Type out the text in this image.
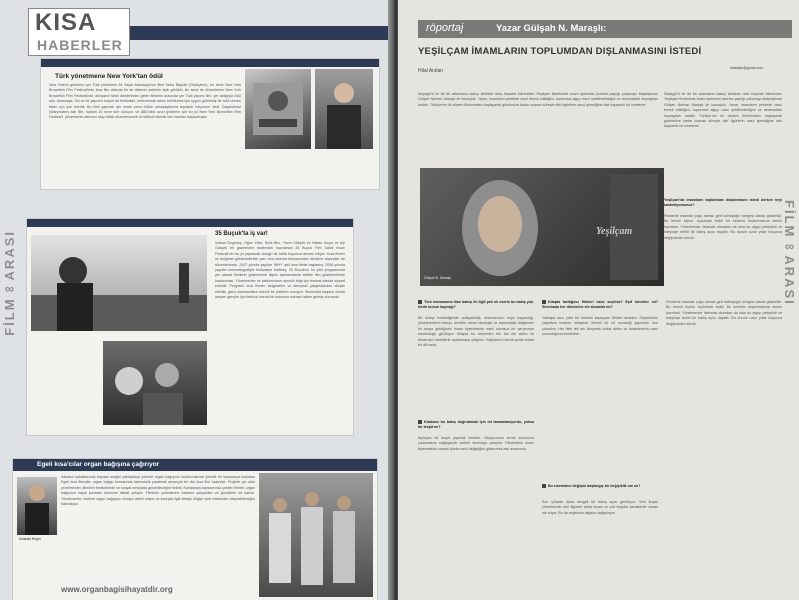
KISA
HABERLER
FİLM∞ARASI
Türk yönetmene New York'tan ödül
New York'ta gösterim için Türk yönetmen Ali Yaşar Akansaya'nın filmi Sekiz Başlıklı (Rewrytme), bu sene New York Brownfish Film Festival'inde kısa film dalında bir de ülkemiz adıtlerin tipik görüldü. Bu sene de düzenlenen New York Brownfish Film Festivalinde, dünyanın farklı ülkelerinden gelen filmlerin arasında yer Türk yapımı film, yer aldığıyla ödül aldı. Akansaya, ‘Bu ve bir yapımın başlar bir festivalde, bertizerinde adımı belirlemek için uygun görülmüş bir ödül olması bizim için çok önemli. Bu filmi yapmak için emek veren bütün arkadaşlarıma teşekkür ediyorum' dedi. Dayanılmaz (Waryndare) adlı film, toplam 10 sene sürt sürüyor. ve ABD'deki uzun gösterim için bu yıl New York Brownfish Film Festival'i, yönetmenin altısıncı olup ödülü düzenlenecek ve kitlesel etkinlik tam haziran başlanmıştır.
35 Buçuk'ta iş var!
Volkan Özgüneş, Oğuz Yöke, Selis Birc, Yücel Gökçek ve Hakan Koçer ve Alp Gökçek bir gazeteciler tarafından hazırlanan 35 Buçuk Film Dahili İnsan Festivali'nin bu yıl yapılacak olduğu bir hafta boyunca devam ediyor. Kısa filmler ve belgesel gösterimlerinin yanı sıra sinema dünyasından isimlerle söyleşiler de düzenlenecek. 2007 yılında yapılan ‘WHY' adlı kısa filmle başlamış, 2008 yılında yapılan sinematografiyle festivaline katılmış, 35 Buçuk'un bu yılki programında yer alacak filmlerin gösterimine ilişkin açıklamalarla birlikte film gösterimlerine başlanması. Yönetmenler ve katılımcıların ayrıntılı bilgi için festival sitesini ziyaret edebilir. Programı kısa filmler, belgeseller ve deneysel çalışmalardan oluşan etkinlik, genç sinemacılara önemli bir platform sunuyor. Sinemada başarılı olmak isteyen gençler için festival önemli bir buluşma noktası haline gelmiş durumda.
Egeli kısa'cılar organ bağışına çağırıyor
Mustafa Birgin
İstanbul sokaklarında bayram sergisi yaklaştıkça yöresel organ bağışının kullanıcılarına yönelik bir kampanya başlatan Egeli kısa filmciler, organ bağışı konusunda farkındalık yaratmak amacıyla bir dizi kısa film hazırladı. Projede yer alan yönetmenler, filmlerin festivallerde ve sosyal medyada gösterileceğini belirtti. Kampanya kapsamında çekilen filmler, organ bağışının hayat kurtaran önemine dikkat çekiyor. Filmlerin çekimlerine hastane çalışanları ve gönüllüler de katıldı. Yönetmenler, herkesi organ bağışçısı olmaya davet ediyor ve konuyla ilgili detaylı bilgiye web sitesinden ulaşılabileceğini hatırlatıyor.
www.organbagisihayatdir.org
röportaj	Yazar Gülşah N. Maraşlı:
YEŞİLÇAM İMAMLARIN TOPLUMDAN DIŞLANMASINI İSTEDİ
Hilal Arslan	hilarslan@gmail.com
Neşegül'ü ile de bir adamların bakışı kimlikler dolu hepsine bilmezden Yeşilçam filmlerinde imam tiplemesi üzerine yaptığı çalışmayı kitaplaştıran Gülşah Nurhan Maraşlı ile konuştuk. Yazar, imamların perdede nasıl temsil edildiğini, toplumsal algıyı nasıl şekillendirdiğini ve sinemadaki önyargıları anlattı. Türkiye'nin ilk dönem filmlerinden başlayarak günümüze kadar uzanan süreçte dinî figürlerin nasıl işlendiğine dair kapsamlı bir inceleme.
Gülşah N. Maraşlı
Yeşilçam
Neşegül'ü ile de bir adamların bakışı kimlikler dolu hepsine bilmezden Yeşilçam filmlerinde imam tiplemesi üzerine yaptığı çalışmayı kitaplaştıran Gülşah Nurhan Maraşlı ile konuştuk. Yazar, imamların perdede nasıl temsil edildiğini, toplumsal algıyı nasıl şekillendirdiğini ve sinemadaki önyargıları anlattı. Türkiye'nin ilk dönem filmlerinden başlayarak günümüze kadar uzanan süreçte dinî figürlerin nasıl işlendiğine dair kapsamlı bir inceleme.
Yeşilçam'da imamların toplumdan dışlanmasını istedi derken neyi kastediyorsunuz?
Filmlerde imamlar çoğu zaman geri kalmışlığın simgesi olarak gösterildi. Bu temsil biçimi, toplumda belirli bir kesimin dışlanmasına zemin hazırladı. Yönetmenler farkında olmadan da olsa bu algıyı pekiştirdi ve izleyiciye belirli bir bakış açısı dayattı. Bu durum uzun yıllar boyunca değişmeden sürdü.
Türk sinemasına dine bakışı ile ilgili pek ok eserin bu bakış yok. Nedir bunun kaynağı?
Bir süreyi incelediğimde anlayabildik, sinemamızın neye dayandığı, yönetmenlerin bakışı, devletin resmî ideolojisi ve toplumdaki değişimler bir araya geldiğinde imam tiplemesinin nasıl olumsuz bir çerçeveye oturtulduğu görülüyor. Kitapta bu dönemleri tek tek ele aldım ve filmlerden örneklerle açıklamaya çalıştım. Yeşilçam'ın kendi içinde tutarlı bir dili vardı.
Kitabınız bu bakış doğrulamak için mi tamamlanıyordu, yoksa bir tespit mi?
Açıkçası bir tespit yapmak istedim. Okuyucunun kendi sonucunu çıkarmasını sağlayacak verileri sunmaya çalıştım. Filmlerdeki imam tiplemesinin zaman içinde nasıl değiştiğini göstermek asıl amacımdı.
Kitapta tarttığınız filmleri nasıl seçtiniz? Eşit örnekler mi? Sinemada her dönemine ele alınanlar mı?
Yaklaşık otuz yıllık bir dönemi kapsayan filmleri taradım. Seçimlerimi yaparken imamın hikâyede önemli bir rol oynadığı yapımları öne çıkardım. Her filmi tek tek izleyerek notlar aldım ve karakterlerin nasıl sunulduğunu inceledim.
Bu sinemanın değişim başlangıç bir değişiklik var mı?
Son yıllarda daha dengeli bir bakış açısı görülüyor. Yeni kuşak yönetmenler dinî figürleri daha insani ve çok boyutlu karakterler olarak ele alıyor. Bu da seyircinin algısını değiştiriyor.
Filmlerde imamlar çoğu zaman geri kalmışlığın simgesi olarak gösterildi. Bu temsil biçimi, toplumda belirli bir kesimin dışlanmasına zemin hazırladı. Yönetmenler farkında olmadan da olsa bu algıyı pekiştirdi ve izleyiciye belirli bir bakış açısı dayattı. Bu durum uzun yıllar boyunca değişmeden sürdü.
FİLM∞ARASI
